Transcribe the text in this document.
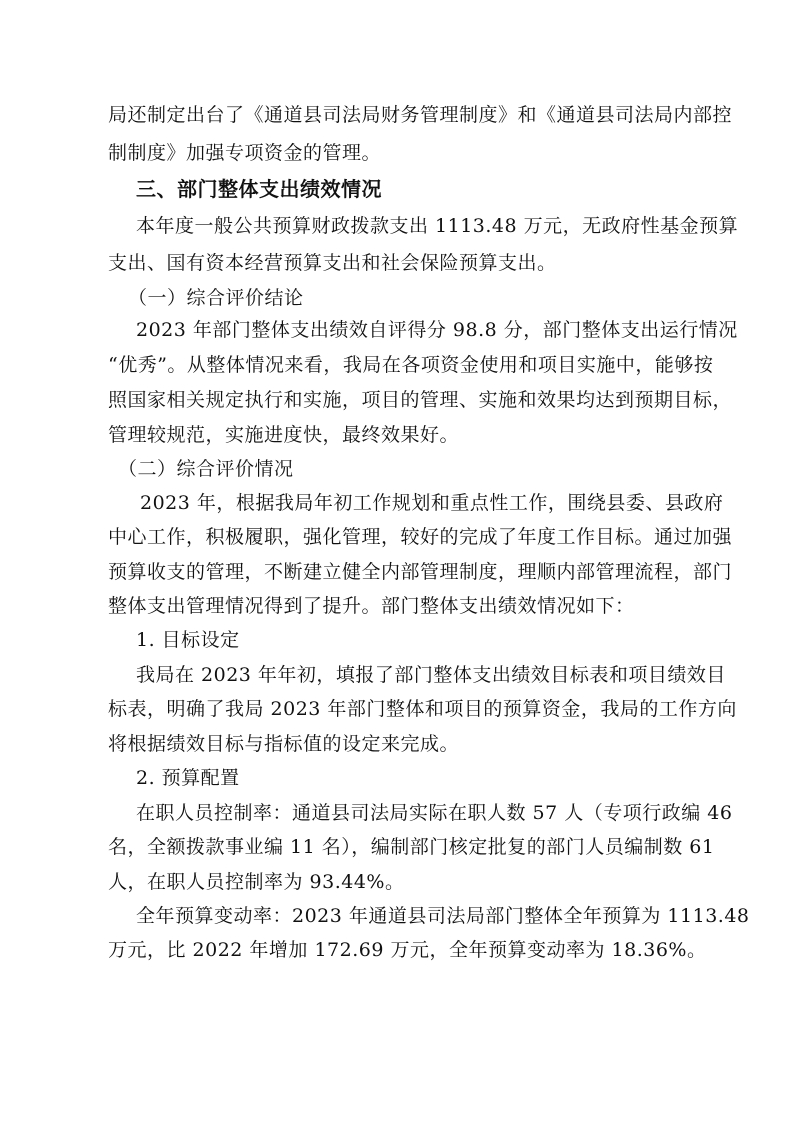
局还制定出台了《通道县司法局财务管理制度》和《通道县司法局内部控
制制度》加强专项资金的管理。
三、部门整体支出绩效情况
本年度一般公共预算财政拨款支出 1113.48 万元，无政府性基金预算
支出、国有资本经营预算支出和社会保险预算支出。
（一）综合评价结论
2023 年部门整体支出绩效自评得分 98.8 分，部门整体支出运行情况
“优秀”。从整体情况来看，我局在各项资金使用和项目实施中，能够按
照国家相关规定执行和实施，项目的管理、实施和效果均达到预期目标，
管理较规范，实施进度快，最终效果好。
（二）综合评价情况
2023 年，根据我局年初工作规划和重点性工作，围绕县委、县政府
中心工作，积极履职，强化管理，较好的完成了年度工作目标。通过加强
预算收支的管理，不断建立健全内部管理制度，理顺内部管理流程，部门
整体支出管理情况得到了提升。部门整体支出绩效情况如下：
1. 目标设定
我局在 2023 年年初，填报了部门整体支出绩效目标表和项目绩效目
标表，明确了我局 2023 年部门整体和项目的预算资金，我局的工作方向
将根据绩效目标与指标值的设定来完成。
2. 预算配置
在职人员控制率：通道县司法局实际在职人数 57 人（专项行政编 46
名，全额拨款事业编 11 名），编制部门核定批复的部门人员编制数 61
人，在职人员控制率为 93.44%。
全年预算变动率：2023 年通道县司法局部门整体全年预算为 1113.48
万元，比 2022 年增加 172.69 万元，全年预算变动率为 18.36%。
